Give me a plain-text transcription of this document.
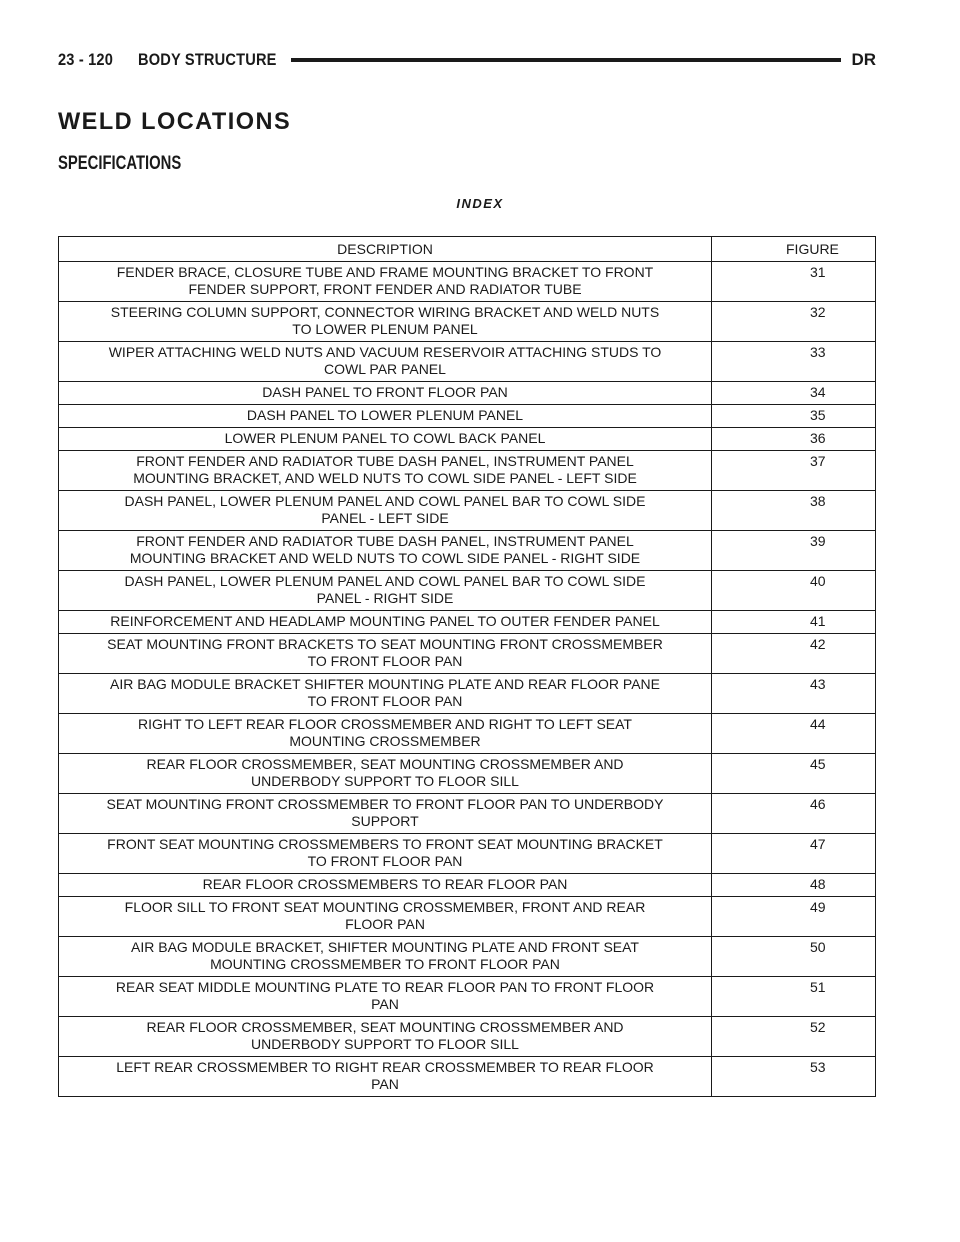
23 - 120 BODY STRUCTURE	DR
WELD LOCATIONS
SPECIFICATIONS
INDEX
DESCRIPTION	FIGURE

FENDER BRACE, CLOSURE TUBE AND FRAME MOUNTING BRACKET TO FRONT
FENDER SUPPORT, FRONT FENDER AND RADIATOR TUBE	31

STEERING COLUMN SUPPORT, CONNECTOR WIRING BRACKET AND WELD NUTS
TO LOWER PLENUM PANEL	32

WIPER ATTACHING WELD NUTS AND VACUUM RESERVOIR ATTACHING STUDS TO
COWL PAR PANEL	33

DASH PANEL TO FRONT FLOOR PAN	34

DASH PANEL TO LOWER PLENUM PANEL	35

LOWER PLENUM PANEL TO COWL BACK PANEL	36

FRONT FENDER AND RADIATOR TUBE DASH PANEL, INSTRUMENT PANEL
MOUNTING BRACKET, AND WELD NUTS TO COWL SIDE PANEL - LEFT SIDE	37

DASH PANEL, LOWER PLENUM PANEL AND COWL PANEL BAR TO COWL SIDE
PANEL - LEFT SIDE	38

FRONT FENDER AND RADIATOR TUBE DASH PANEL, INSTRUMENT PANEL
MOUNTING BRACKET AND WELD NUTS TO COWL SIDE PANEL - RIGHT SIDE	39

DASH PANEL, LOWER PLENUM PANEL AND COWL PANEL BAR TO COWL SIDE
PANEL - RIGHT SIDE	40

REINFORCEMENT AND HEADLAMP MOUNTING PANEL TO OUTER FENDER PANEL	41

SEAT MOUNTING FRONT BRACKETS TO SEAT MOUNTING FRONT CROSSMEMBER
TO FRONT FLOOR PAN	42

AIR BAG MODULE BRACKET SHIFTER MOUNTING PLATE AND REAR FLOOR PANE
TO FRONT FLOOR PAN	43

RIGHT TO LEFT REAR FLOOR CROSSMEMBER AND RIGHT TO LEFT SEAT
MOUNTING CROSSMEMBER	44

REAR FLOOR CROSSMEMBER, SEAT MOUNTING CROSSMEMBER AND
UNDERBODY SUPPORT TO FLOOR SILL	45

SEAT MOUNTING FRONT CROSSMEMBER TO FRONT FLOOR PAN TO UNDERBODY
SUPPORT	46

FRONT SEAT MOUNTING CROSSMEMBERS TO FRONT SEAT MOUNTING BRACKET
TO FRONT FLOOR PAN	47

REAR FLOOR CROSSMEMBERS TO REAR FLOOR PAN	48

FLOOR SILL TO FRONT SEAT MOUNTING CROSSMEMBER, FRONT AND REAR
FLOOR PAN	49

AIR BAG MODULE BRACKET, SHIFTER MOUNTING PLATE AND FRONT SEAT
MOUNTING CROSSMEMBER TO FRONT FLOOR PAN	50

REAR SEAT MIDDLE MOUNTING PLATE TO REAR FLOOR PAN TO FRONT FLOOR
PAN	51

REAR FLOOR CROSSMEMBER, SEAT MOUNTING CROSSMEMBER AND
UNDERBODY SUPPORT TO FLOOR SILL	52

LEFT REAR CROSSMEMBER TO RIGHT REAR CROSSMEMBER TO REAR FLOOR
PAN	53
